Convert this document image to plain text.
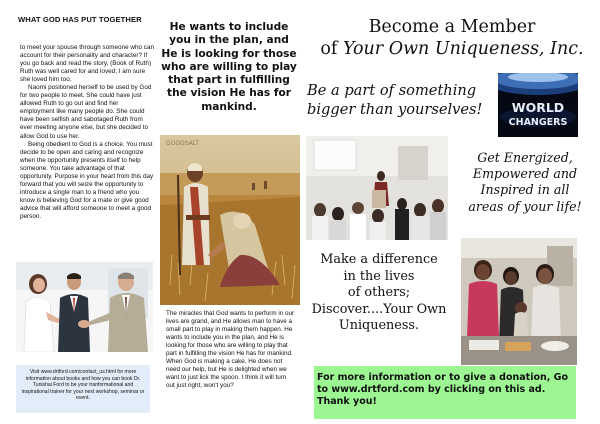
WHAT GOD HAS PUT TOGETHER

to meet your spouse through someone who can account for their personality and character? If you go back and read the story, (Book of Ruth) Ruth was well cared for and loved; I am sure she loved him too.

Naomi positioned herself to be used by God for two people to meet. She could have just allowed Ruth to go out and find her employment like many people do. She could have been selfish and sabotaged Ruth from ever meeting anyone else, but she decided to allow God to use her.

Being obedient to God is a choice. You must decide to be open and caring and recognize when the opportunity presents itself to help someone. You take advantage of that opportunity. Purpose in your heart from this day forward that you will seize the opportunity to introduce a single man to a friend who you know is believing God for a mate or give good advice that will afford someone to meet a good person.

Visit www.drtford.com/contact_us.html for more information about books and how you can book Dr. Tunishai Ford to be your tranformational and inspirational trainer for your next workshop, seminar or event.
He wants to include you in the plan, and He is looking for those who are willing to play that part in fulfilling the vision He has for mankind.
GOODSALT
The miracles that God wants to perform in our lives are grand, and He allows man to have a small part to play in making them happen. He wants to include you in the plan, and He is looking for those who are willing to play that part in fulfilling the vision He has for mankind. When God is making a cake, He does not need our help, but He is delighted when we want to just lick the spoon. I think it will turn out just right, won't you?
Become a Member
of Your Own Uniqueness, Inc.
Be a part of something
bigger than yourselves!	WORLD
CHANGERS
Get Energized,
Empowered and
Inspired in all
areas of your life!
Make a difference
in the lives
of others;
Discover....Your Own
Uniqueness.
For more information or to give a donation, Go to www.drtford.com by clicking on this ad. Thank you!
